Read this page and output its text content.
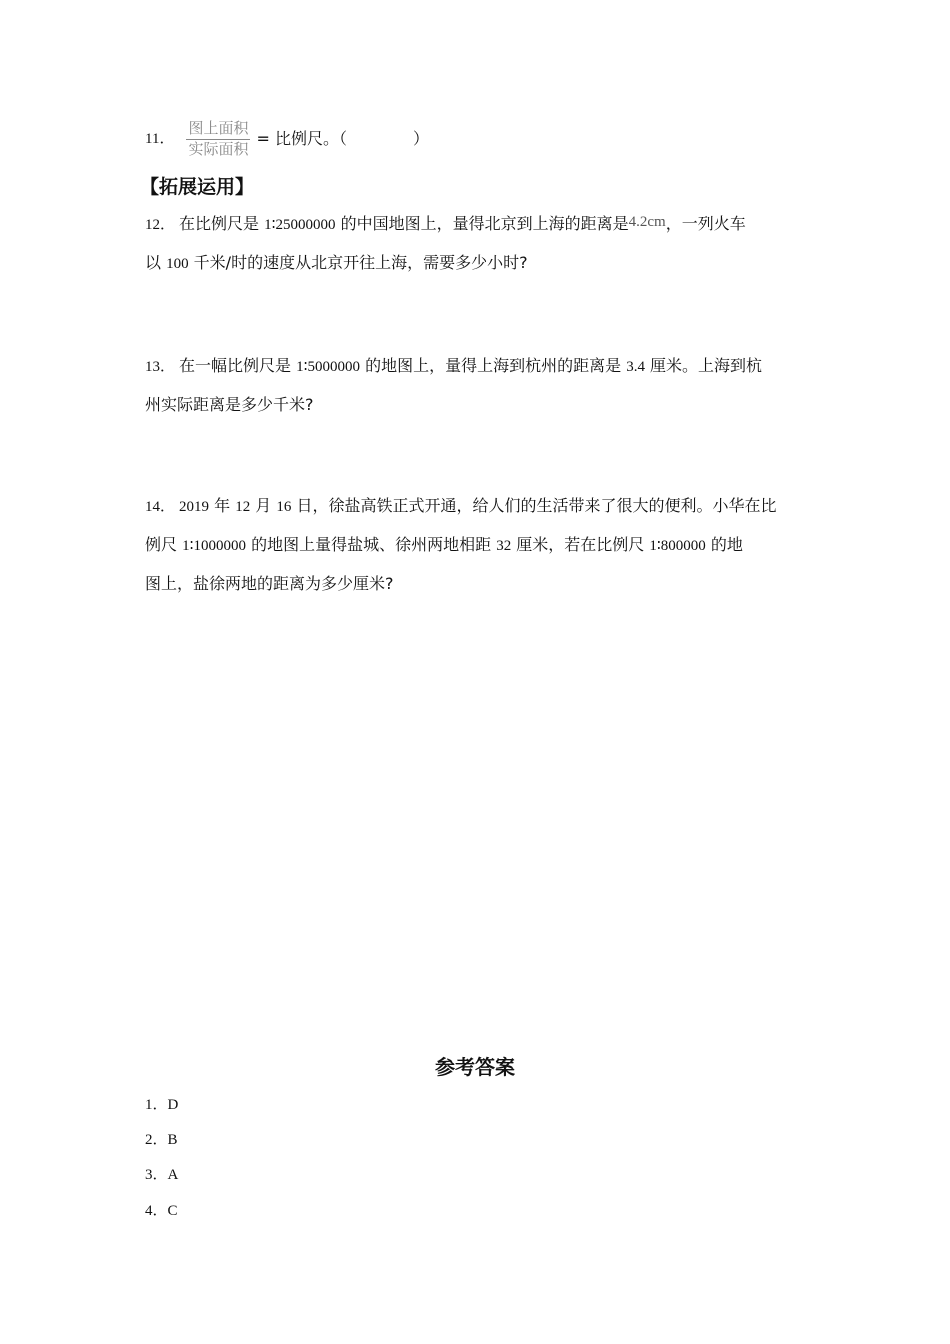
11． $\frac{\text{图上面积}}{\text{实际面积}}$ = 比例尺。（	）
【拓展运用】
12． 在比例尺是 1∶25000000 的中国地图上，量得北京到上海的距离是4.2cm，一列火车
以 100 千米/时的速度从北京开往上海，需要多少小时?
13． 在一幅比例尺是 1∶5000000 的地图上，量得上海到杭州的距离是 3.4 厘米。上海到杭
州实际距离是多少千米?
14． 2019 年 12 月 16 日，徐盐高铁正式开通，给人们的生活带来了很大的便利。小华在比
例尺 1∶1000000 的地图上量得盐城、徐州两地相距 32 厘米，若在比例尺 1∶800000 的地
图上，盐徐两地的距离为多少厘米?
参考答案
1．D
2．B
3．A
4．C
